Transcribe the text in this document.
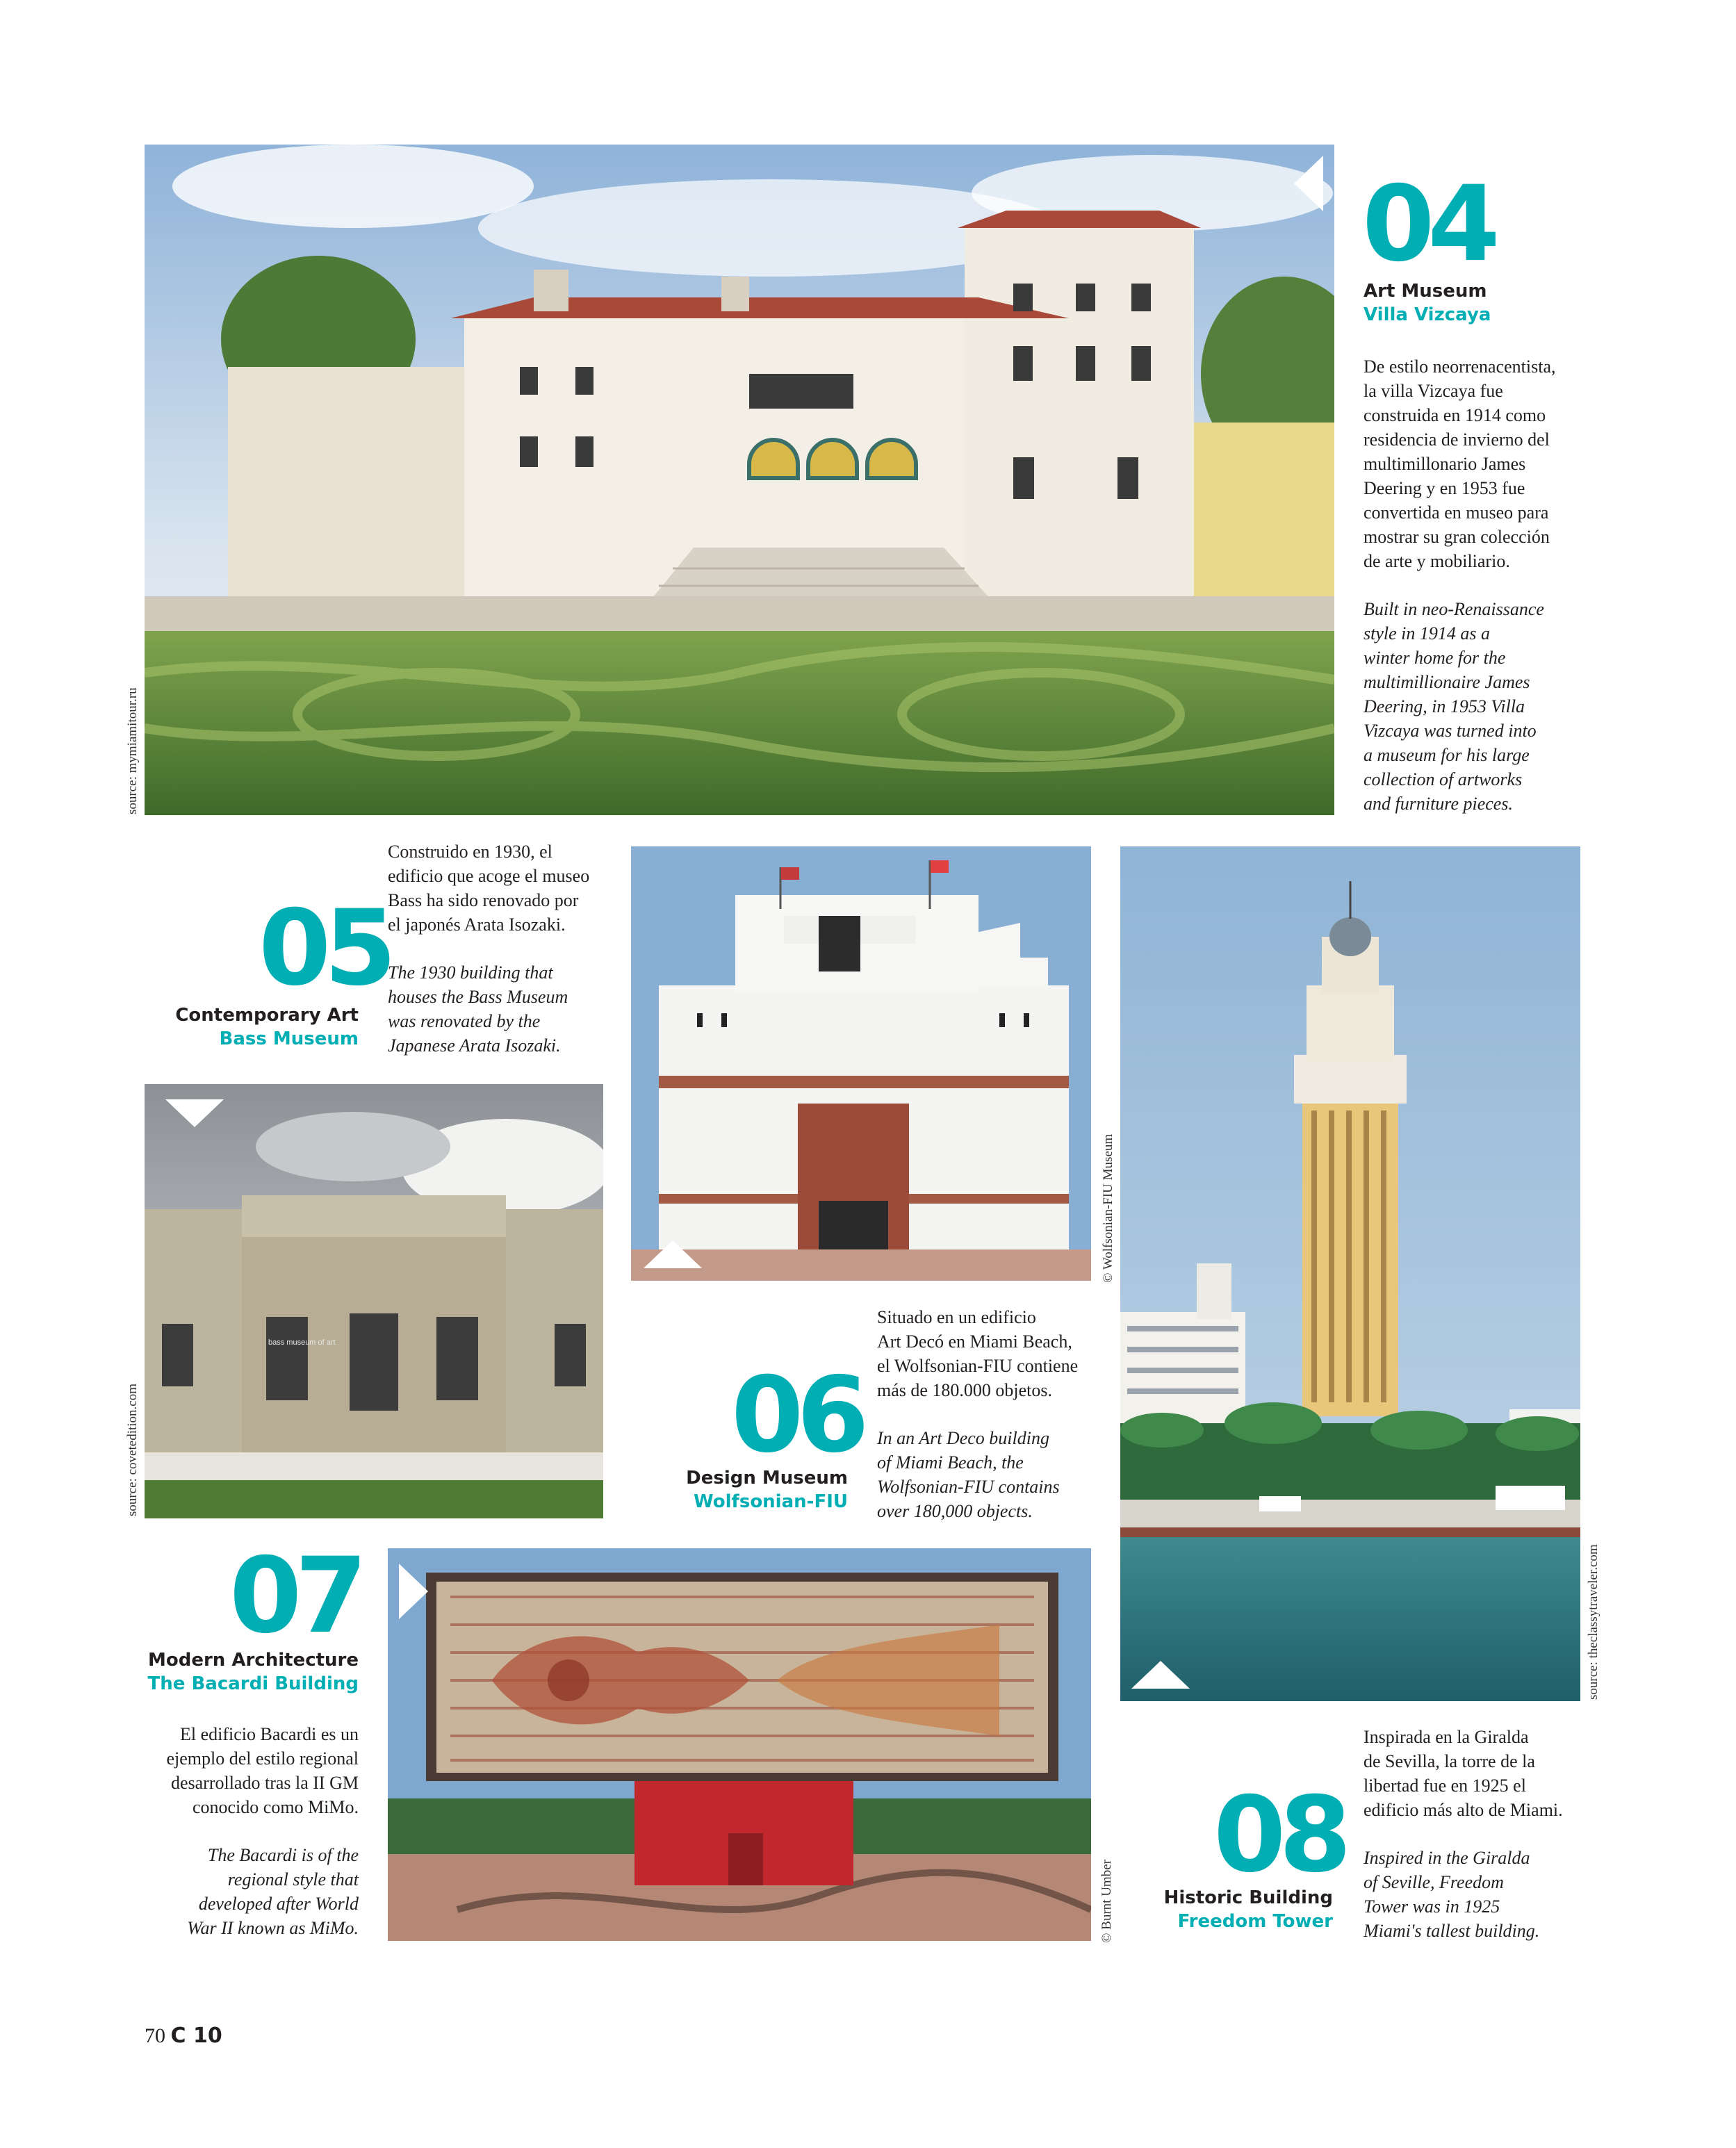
source: mymiamitour.ru
04
Art Museum
Villa Vizcaya

De estilo neorrenacentista,
la villa Vizcaya fue
construida en 1914 como
residencia de invierno del
multimillonario James
Deering y en 1953 fue
convertida en museo para
mostrar su gran colección
de arte y mobiliario.

Built in neo-Renaissance
style in 1914 as a
winter home for the
multimillionaire James
Deering, in 1953 Villa
Vizcaya was turned into
a museum for his large
collection of artworks
and furniture pieces.

Construido en 1930, el
edificio que acoge el museo
Bass ha sido renovado por
el japonés Arata Isozaki.

The 1930 building that
houses the Bass Museum
was renovated by the
Japanese Arata Isozaki.

05
Contemporary Art
Bass Museum
bass museum of art
source: covetedition.com
© Wolfsonian-FIU Museum

Situado en un edificio
Art Decó en Miami Beach,
el Wolfsonian-FIU contiene
más de 180.000 objetos.

In an Art Deco building
of Miami Beach, the
Wolfsonian-FIU contains
over 180,000 objects.

06
Design Museum
Wolfsonian-FIU
source: theclassytraveler.com
07
Modern Architecture
The Bacardi Building

El edificio Bacardi es un
ejemplo del estilo regional
desarrollado tras la II GM
conocido como MiMo.

The Bacardi is of the
regional style that
developed after World
War II known as MiMo.	© Burnt Umber

Inspirada en la Giralda
de Sevilla, la torre de la
libertad fue en 1925 el
edificio más alto de Miami.

Inspired in the Giralda
of Seville, Freedom
Tower was in 1925
Miami's tallest building.

08
Historic Building
Freedom Tower
70 C 10
